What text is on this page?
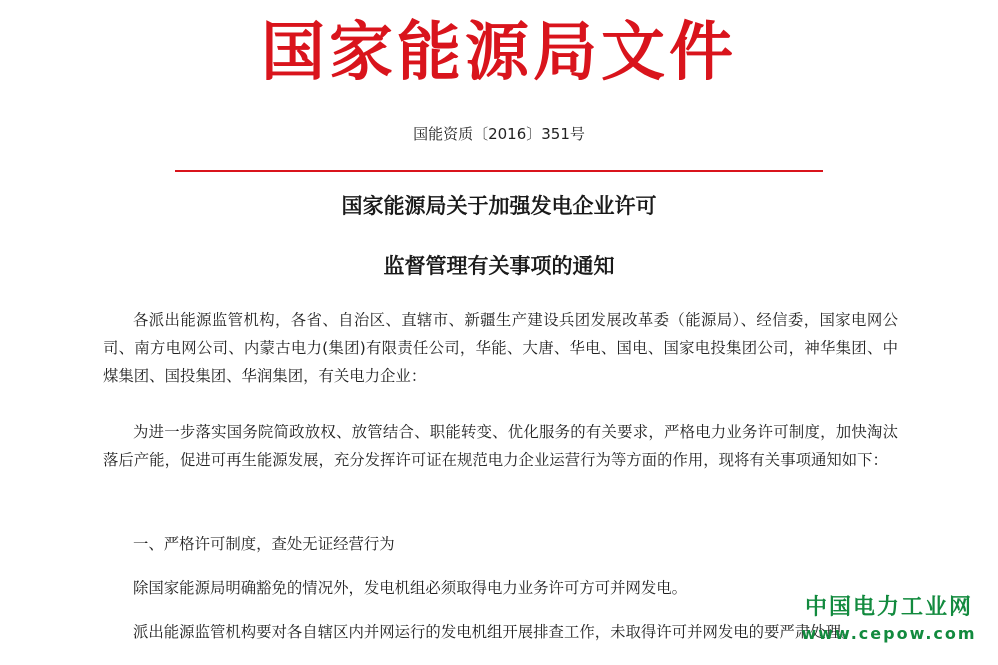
国家能源局文件
国能资质〔2016〕351号
国家能源局关于加强发电企业许可
监督管理有关事项的通知

各派出能源监管机构，各省、自治区、直辖市、新疆生产建设兵团发展改革委（能源局）、经信委，国家电网公司、南方电网公司、内蒙古电力(集团)有限责任公司，华能、大唐、华电、国电、国家电投集团公司，神华集团、中煤集团、国投集团、华润集团，有关电力企业：

为进一步落实国务院简政放权、放管结合、职能转变、优化服务的有关要求，严格电力业务许可制度，加快淘汰落后产能，促进可再生能源发展，充分发挥许可证在规范电力企业运营行为等方面的作用，现将有关事项通知如下：

一、严格许可制度，查处无证经营行为

除国家能源局明确豁免的情况外，发电机组必须取得电力业务许可方可并网发电。

派出能源监管机构要对各自辖区内并网运行的发电机组开展排查工作，未取得许可并网发电的要严肃处理。

中国电力工业网
www.cepow.com
